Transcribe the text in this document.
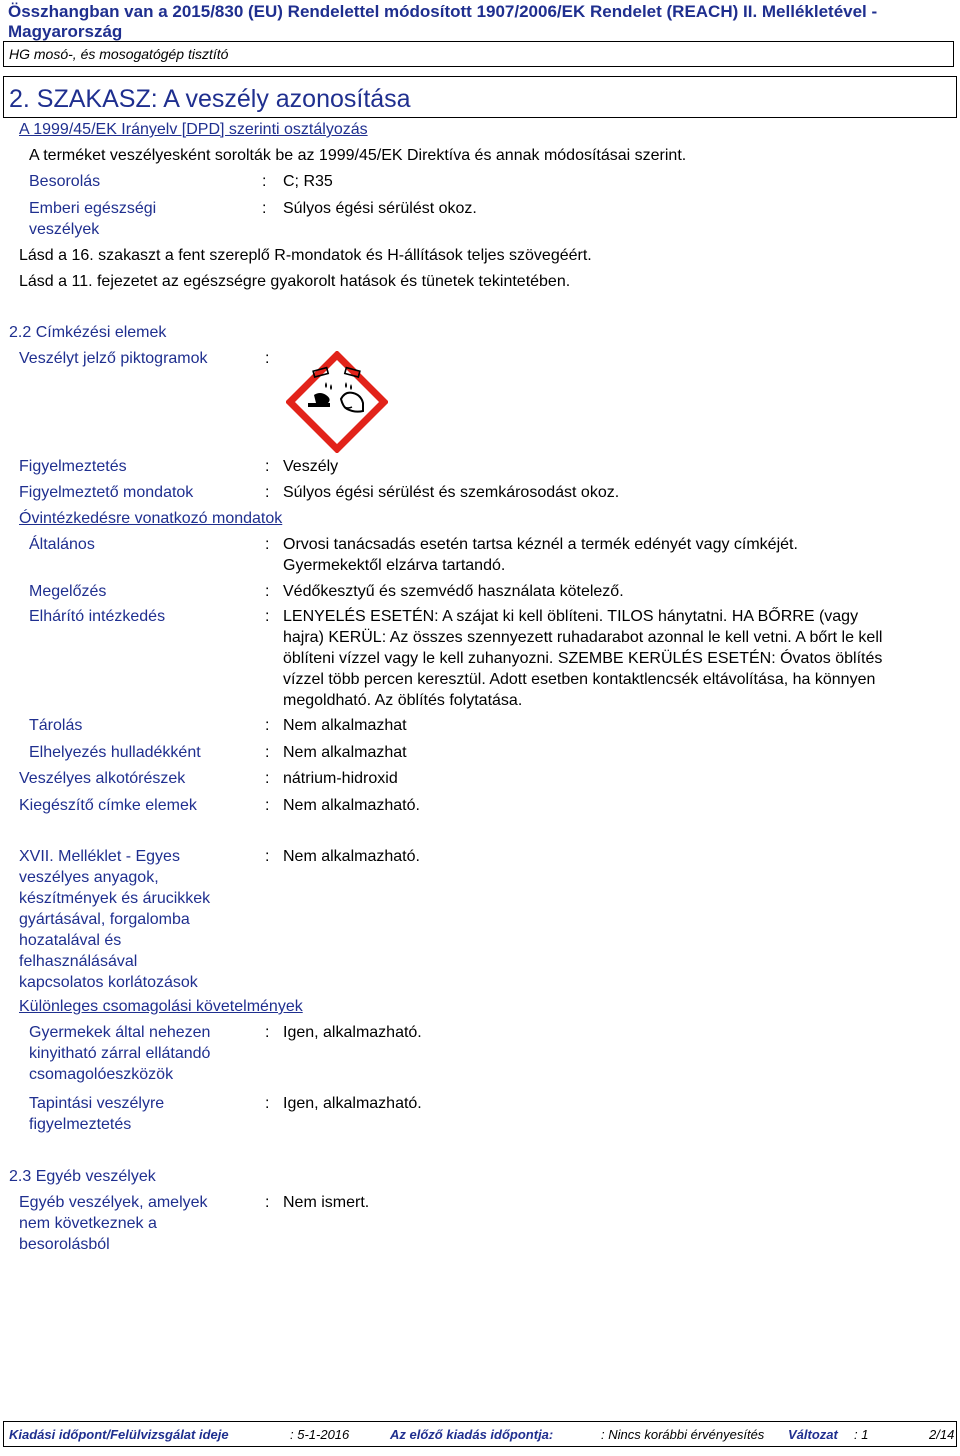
Összhangban van a 2015/830 (EU) Rendelettel módosított 1907/2006/EK Rendelet (REACH) II. Mellékletével - Magyarország
HG mosó-, és mosogatógép tisztító
2. SZAKASZ: A veszély azonosítása
A 1999/45/EK Irányelv [DPD] szerinti osztályozás
A terméket veszélyesként sorolták be az 1999/45/EK Direktíva és annak módosításai szerint.
Besorolás	: C; R35
Emberi egészségi
veszélyek
: Súlyos égési sérülést okoz.
Lásd a 16. szakaszt a fent szereplő R-mondatok és H-állítások teljes szövegéért.
Lásd a 11. fejezetet az egészségre gyakorolt hatások és tünetek tekintetében.
2.2 Címkézési elemek
Veszélyt jelző piktogramok	:
Figyelmeztetés	: Veszély
Figyelmeztető mondatok	: Súlyos égési sérülést és szemkárosodást okoz.
Óvintézkedésre vonatkozó mondatok
Általános	: Orvosi tanácsadás esetén tartsa kéznél a termék edényét vagy címkéjét.
Gyermekektől elzárva tartandó.
Megelőzés	: Védőkesztyű és szemvédő használata kötelező.
Elhárító intézkedés	: LENYELÉS ESETÉN: A szájat ki kell öblíteni. TILOS hánytatni. HA BŐRRE (vagy
hajra) KERÜL: Az összes szennyezett ruhadarabot azonnal le kell vetni. A bőrt le kell
öblíteni vízzel vagy le kell zuhanyozni. SZEMBE KERÜLÉS ESETÉN: Óvatos öblítés
vízzel több percen keresztül. Adott esetben kontaktlencsék eltávolítása, ha könnyen
megoldható. Az öblítés folytatása.
Tárolás	: Nem alkalmazhat
Elhelyezés hulladékként	: Nem alkalmazhat
Veszélyes alkotórészek	: nátrium-hidroxid
Kiegészítő címke elemek	: Nem alkalmazható.
XVII. Melléklet - Egyes
veszélyes anyagok,
készítmények és árucikkek
gyártásával, forgalomba
hozatalával és
felhasználásával
kapcsolatos korlátozások
: Nem alkalmazható.
Különleges csomagolási követelmények
Gyermekek által nehezen
kinyitható zárral ellátandó
csomagolóeszközök
: Igen, alkalmazható.
Tapintási veszélyre
figyelmeztetés
: Igen, alkalmazható.
2.3 Egyéb veszélyek
Egyéb veszélyek, amelyek
nem következnek a
besorolásból
: Nem ismert.
Kiadási időpont/Felülvizsgálat ideje	: 5-1-2016	Az előző kiadás időpontja:	: Nincs korábbi érvényesítés Változat : 1	2/14
